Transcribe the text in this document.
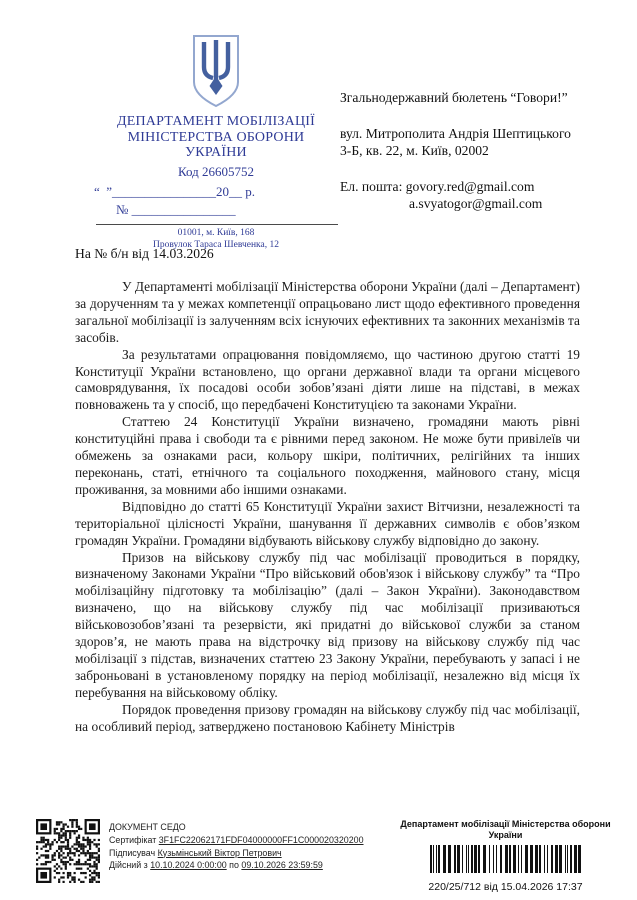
ДЕПАРТАМЕНТ МОБІЛІЗАЦІЇ
МІНІСТЕРСТВА ОБОРОНИ
УКРАЇНИ
Код 26605752
“  ”________________20__ р.
№ ________________
01001, м. Київ, 168
Провулок Тараса Шевченка, 12
Згальнодержавний бюлетень “Говори!”
вул. Митрополита Андрія Шептицького
3-Б, кв. 22, м. Київ, 02002
Ел. пошта: govory.red@gmail.com
a.svyatogor@gmail.com
На № б/н від 14.03.2026

У Департаменті мобілізації Міністерства оборони України (далі – Департамент) за дорученням та у межах компетенції опрацьовано лист щодо ефективного проведення загальної мобілізації із залученням всіх існуючих ефективних та законних механізмів та засобів.

За результатами опрацювання повідомляємо, що частиною другою статті 19 Конституції України встановлено, що органи державної влади та органи місцевого самоврядування, їх посадові особи зобов’язані діяти лише на підставі, в межах повноважень та у спосіб, що передбачені Конституцією та законами України.

Статтею 24 Конституції України визначено, громадяни мають рівні конституційні права і свободи та є рівними перед законом. Не може бути привілеїв чи обмежень за ознаками раси, кольору шкіри, політичних, релігійних та інших переконань, статі, етнічного та соціального походження, майнового стану, місця проживання, за мовними або іншими ознаками.

Відповідно до статті 65 Конституції України захист Вітчизни, незалежності та територіальної цілісності України, шанування її державних символів є обов’язком громадян України. Громадяни відбувають військову службу відповідно до закону.

Призов на військову службу під час мобілізації проводиться в порядку, визначеному Законами України “Про військовий обов'язок і військову службу” та “Про мобілізаційну підготовку та мобілізацію” (далі – Закон України). Законодавством визначено, що на військову службу під час мобілізації призиваються військовозобов’язані та резервісти, які придатні до військової служби за станом здоров’я, не мають права на відстрочку від призову на військову службу під час мобілізації з підстав, визначених статтею 23 Закону України, перебувають у запасі і не заброньовані в установленому порядку на період мобілізації, незалежно від місця їх перебування на військовому обліку.

Порядок проведення призову громадян на військову службу під час мобілізації, на особливий період, затверджено постановою Кабінету Міністрів

ДОКУМЕНТ СЕДО
Сертифікат 3F1FC22062171FDF04000000FF1C000020320200
Підписувач Кузьмінський Віктор Петрович
Дійсний з 10.10.2024 0:00:00 по 09.10.2026 23:59:59
Департамент мобілізації Міністерства оборони України
220/25/712 від 15.04.2026 17:37
